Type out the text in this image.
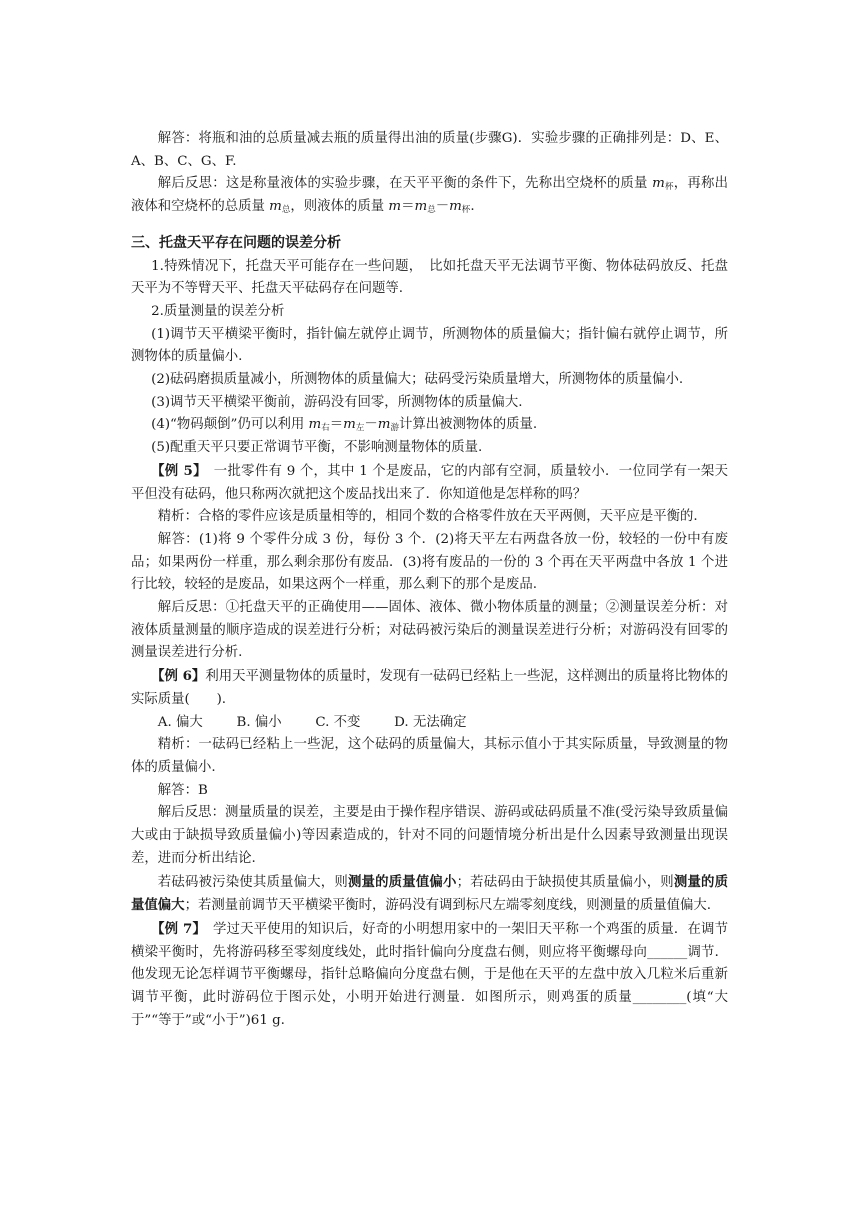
解答：将瓶和油的总质量减去瓶的质量得出油的质量(步骤G)．实验步骤的正确排列是：D、E、A、B、C、G、F.

解后反思：这是称量液体的实验步骤，在天平平衡的条件下，先称出空烧杯的质量 $m_杯$，再称出液体和空烧杯的总质量 $m_总$，则液体的质量 $m=m_总-m_杯$.

三、托盘天平存在问题的误差分析

1.特殊情况下，托盘天平可能存在一些问题，　比如托盘天平无法调节平衡、物体砝码放反、托盘天平为不等臂天平、托盘天平砝码存在问题等.

2.质量测量的误差分析

(1)调节天平横梁平衡时，指针偏左就停止调节，所测物体的质量偏大；指针偏右就停止调节，所测物体的质量偏小.

(2)砝码磨损质量减小，所测物体的质量偏大；砝码受污染质量增大，所测物体的质量偏小.

(3)调节天平横梁平衡前，游码没有回零，所测物体的质量偏大.

(4)“物码颠倒”仍可以利用 $m_右=m_左-m_游$计算出被测物体的质量.

(5)配重天平只要正常调节平衡，不影响测量物体的质量.

【例 5】　一批零件有 9 个，其中 1 个是废品，它的内部有空洞，质量较小．一位同学有一架天平但没有砝码，他只称两次就把这个废品找出来了．你知道他是怎样称的吗？

精析：合格的零件应该是质量相等的，相同个数的合格零件放在天平两侧，天平应是平衡的.

解答：(1)将 9 个零件分成 3 份，每份 3 个．(2)将天平左右两盘各放一份，较轻的一份中有废品；如果两份一样重，那么剩余那份有废品．(3)将有废品的一份的 3 个再在天平两盘中各放 1 个进行比较，较轻的是废品，如果这两个一样重，那么剩下的那个是废品.

解后反思：①托盘天平的正确使用——固体、液体、微小物体质量的测量；②测量误差分析：对液体质量测量的顺序造成的误差进行分析；对砝码被污染后的测量误差进行分析；对游码没有回零的测量误差进行分析.

【例 6】利用天平测量物体的质量时，发现有一砝码已经粘上一些泥，这样测出的质量将比物体的实际质量(　　).

A. 偏大	B. 偏小	C. 不变	D. 无法确定

精析：一砝码已经粘上一些泥，这个砝码的质量偏大，其标示值小于其实际质量，导致测量的物体的质量偏小.

解答：B

解后反思：测量质量的误差，主要是由于操作程序错误、游码或砝码质量不准(受污染导致质量偏大或由于缺损导致质量偏小)等因素造成的，针对不同的问题情境分析出是什么因素导致测量出现误差，进而分析出结论.

若砝码被污染使其质量偏大，则测量的质量值偏小；若砝码由于缺损使其质量偏小，则测量的质量值偏大；若测量前调节天平横梁平衡时，游码没有调到标尺左端零刻度线，则测量的质量值偏大.

【例 7】　学过天平使用的知识后，好奇的小明想用家中的一架旧天平称一个鸡蛋的质量．在调节横梁平衡时，先将游码移至零刻度线处，此时指针偏向分度盘右侧，则应将平衡螺母向______调节．他发现无论怎样调节平衡螺母，指针总略偏向分度盘右侧，于是他在天平的左盘中放入几粒米后重新调节平衡，此时游码位于图示处，小明开始进行测量．如图所示，则鸡蛋的质量________(填“大于”“等于”或“小于”)61 g.
